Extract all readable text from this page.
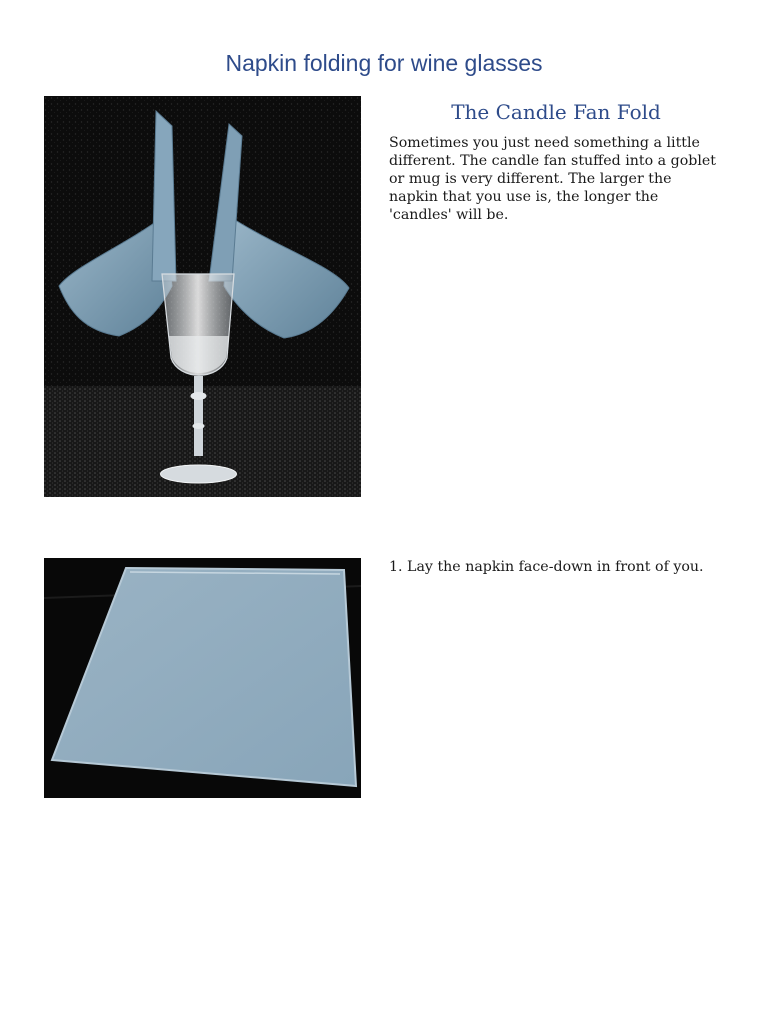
Napkin folding for wine glasses
The Candle Fan Fold

Sometimes you just need something a little different. The candle fan stuffed into a goblet or mug is very different. The larger the napkin that you use is, the longer the 'candles' will be.

1. Lay the napkin face-down in front of you.
